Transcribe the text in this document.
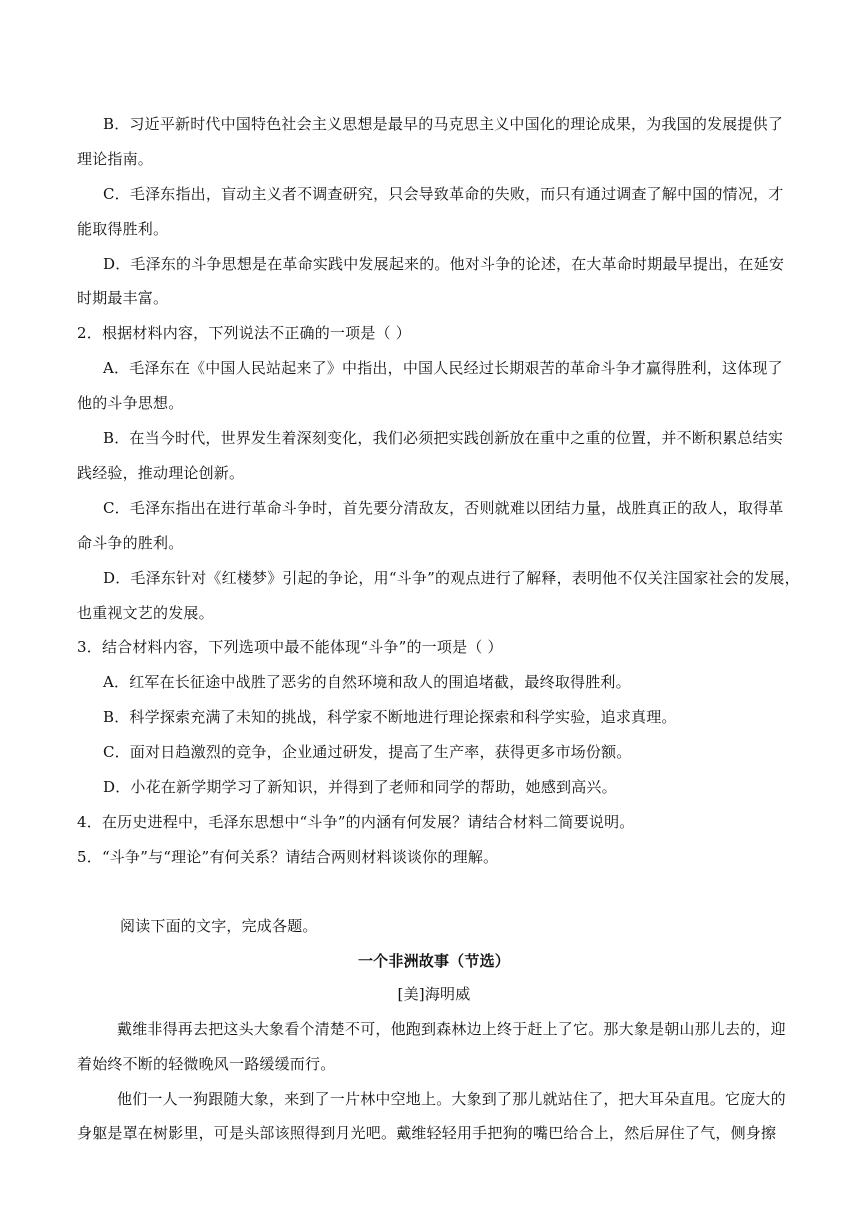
B．习近平新时代中国特色社会主义思想是最早的马克思主义中国化的理论成果，为我国的发展提供了
理论指南。
C．毛泽东指出，盲动主义者不调查研究，只会导致革命的失败，而只有通过调查了解中国的情况，才
能取得胜利。
D．毛泽东的斗争思想是在革命实践中发展起来的。他对斗争的论述，在大革命时期最早提出，在延安
时期最丰富。
2．根据材料内容，下列说法不正确的一项是（ ）
A．毛泽东在《中国人民站起来了》中指出，中国人民经过长期艰苦的革命斗争才赢得胜利，这体现了
他的斗争思想。
B．在当今时代，世界发生着深刻变化，我们必须把实践创新放在重中之重的位置，并不断积累总结实
践经验，推动理论创新。
C．毛泽东指出在进行革命斗争时，首先要分清敌友，否则就难以团结力量，战胜真正的敌人，取得革
命斗争的胜利。
D．毛泽东针对《红楼梦》引起的争论，用“斗争”的观点进行了解释，表明他不仅关注国家社会的发展，
也重视文艺的发展。
3．结合材料内容，下列选项中最不能体现“斗争”的一项是（ ）
A．红军在长征途中战胜了恶劣的自然环境和敌人的围追堵截，最终取得胜利。
B．科学探索充满了未知的挑战，科学家不断地进行理论探索和科学实验，追求真理。
C．面对日趋激烈的竞争，企业通过研发，提高了生产率，获得更多市场份额。
D．小花在新学期学习了新知识，并得到了老师和同学的帮助，她感到高兴。
4．在历史进程中，毛泽东思想中“斗争”的内涵有何发展？请结合材料二简要说明。
5．“斗争”与“理论”有何关系？请结合两则材料谈谈你的理解。
阅读下面的文字，完成各题。
一个非洲故事（节选）
[美]海明威
戴维非得再去把这头大象看个清楚不可，他跑到森林边上终于赶上了它。那大象是朝山那儿去的，迎
着始终不断的轻微晚风一路缓缓而行。
他们一人一狗跟随大象，来到了一片林中空地上。大象到了那儿就站住了，把大耳朵直甩。它庞大的
身躯是罩在树影里，可是头部该照得到月光吧。戴维轻轻用手把狗的嘴巴给合上，然后屏住了气，侧身擦
